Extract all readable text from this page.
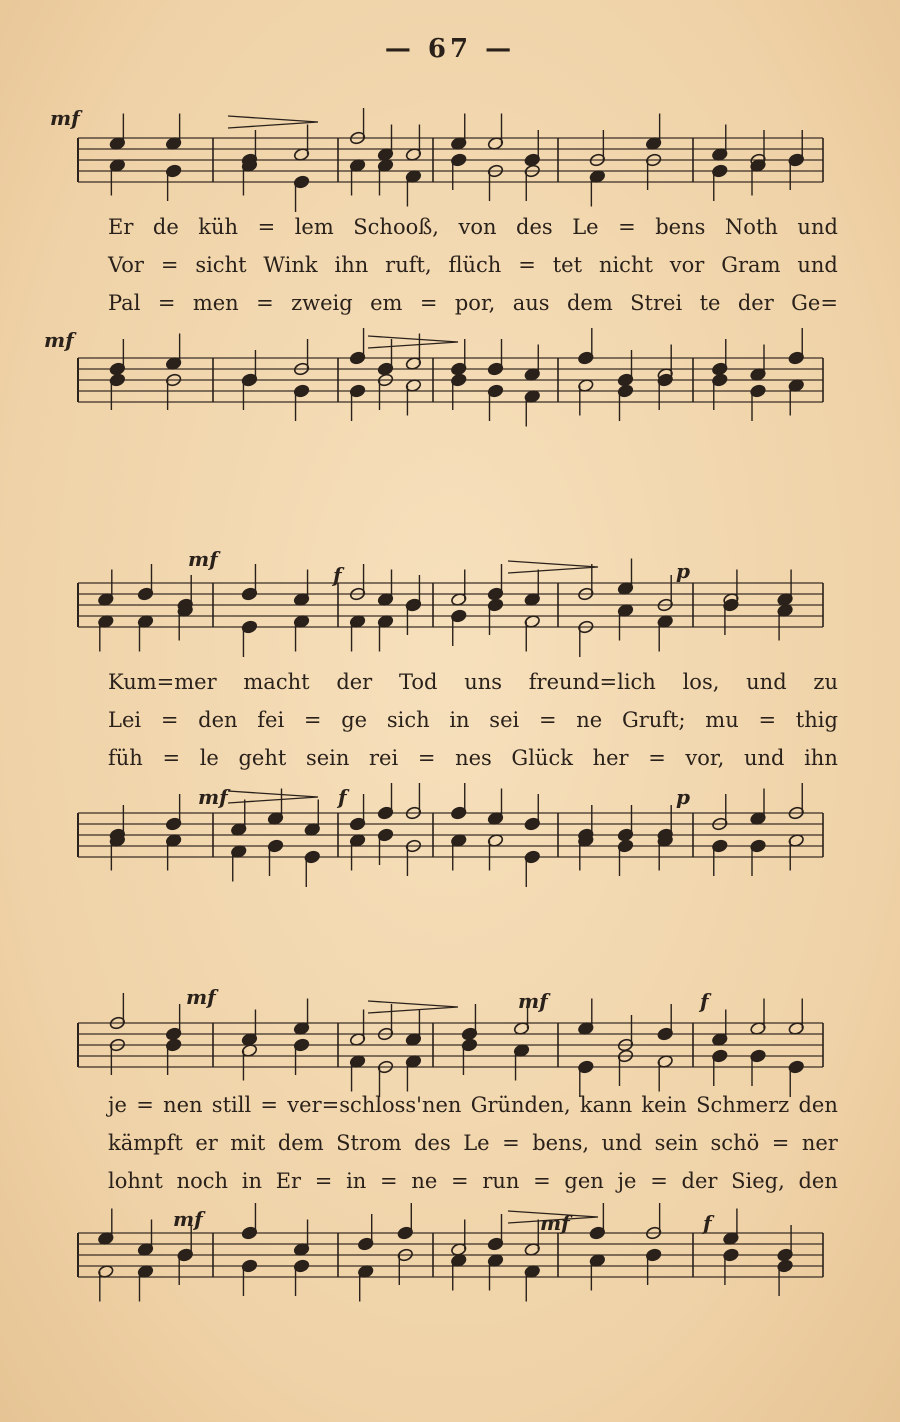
— 67 —
Er de küh = lem Schooß, von des Le = bens Noth und
Vor = sicht Wink ihn ruft, flüch = tet nicht vor Gram und
Pal = men = zweig em = por, aus dem Strei te der Ge=
mf
mf
Kum=mer macht der Tod uns freund=lich los, und zu
Lei = den fei = ge sich in sei = ne Gruft; mu = thig
füh = le geht sein rei = nes Glück her = vor, und ihn
mf
f	p
mf	f	p
je = nen still = ver=schloss'nen Gründen, kann kein Schmerz den
kämpft er mit dem Strom des Le = bens, und sein schö = ner
lohnt noch in Er = in = ne = run = gen je = der Sieg, den
mf	mf	f
mf	mf	f
